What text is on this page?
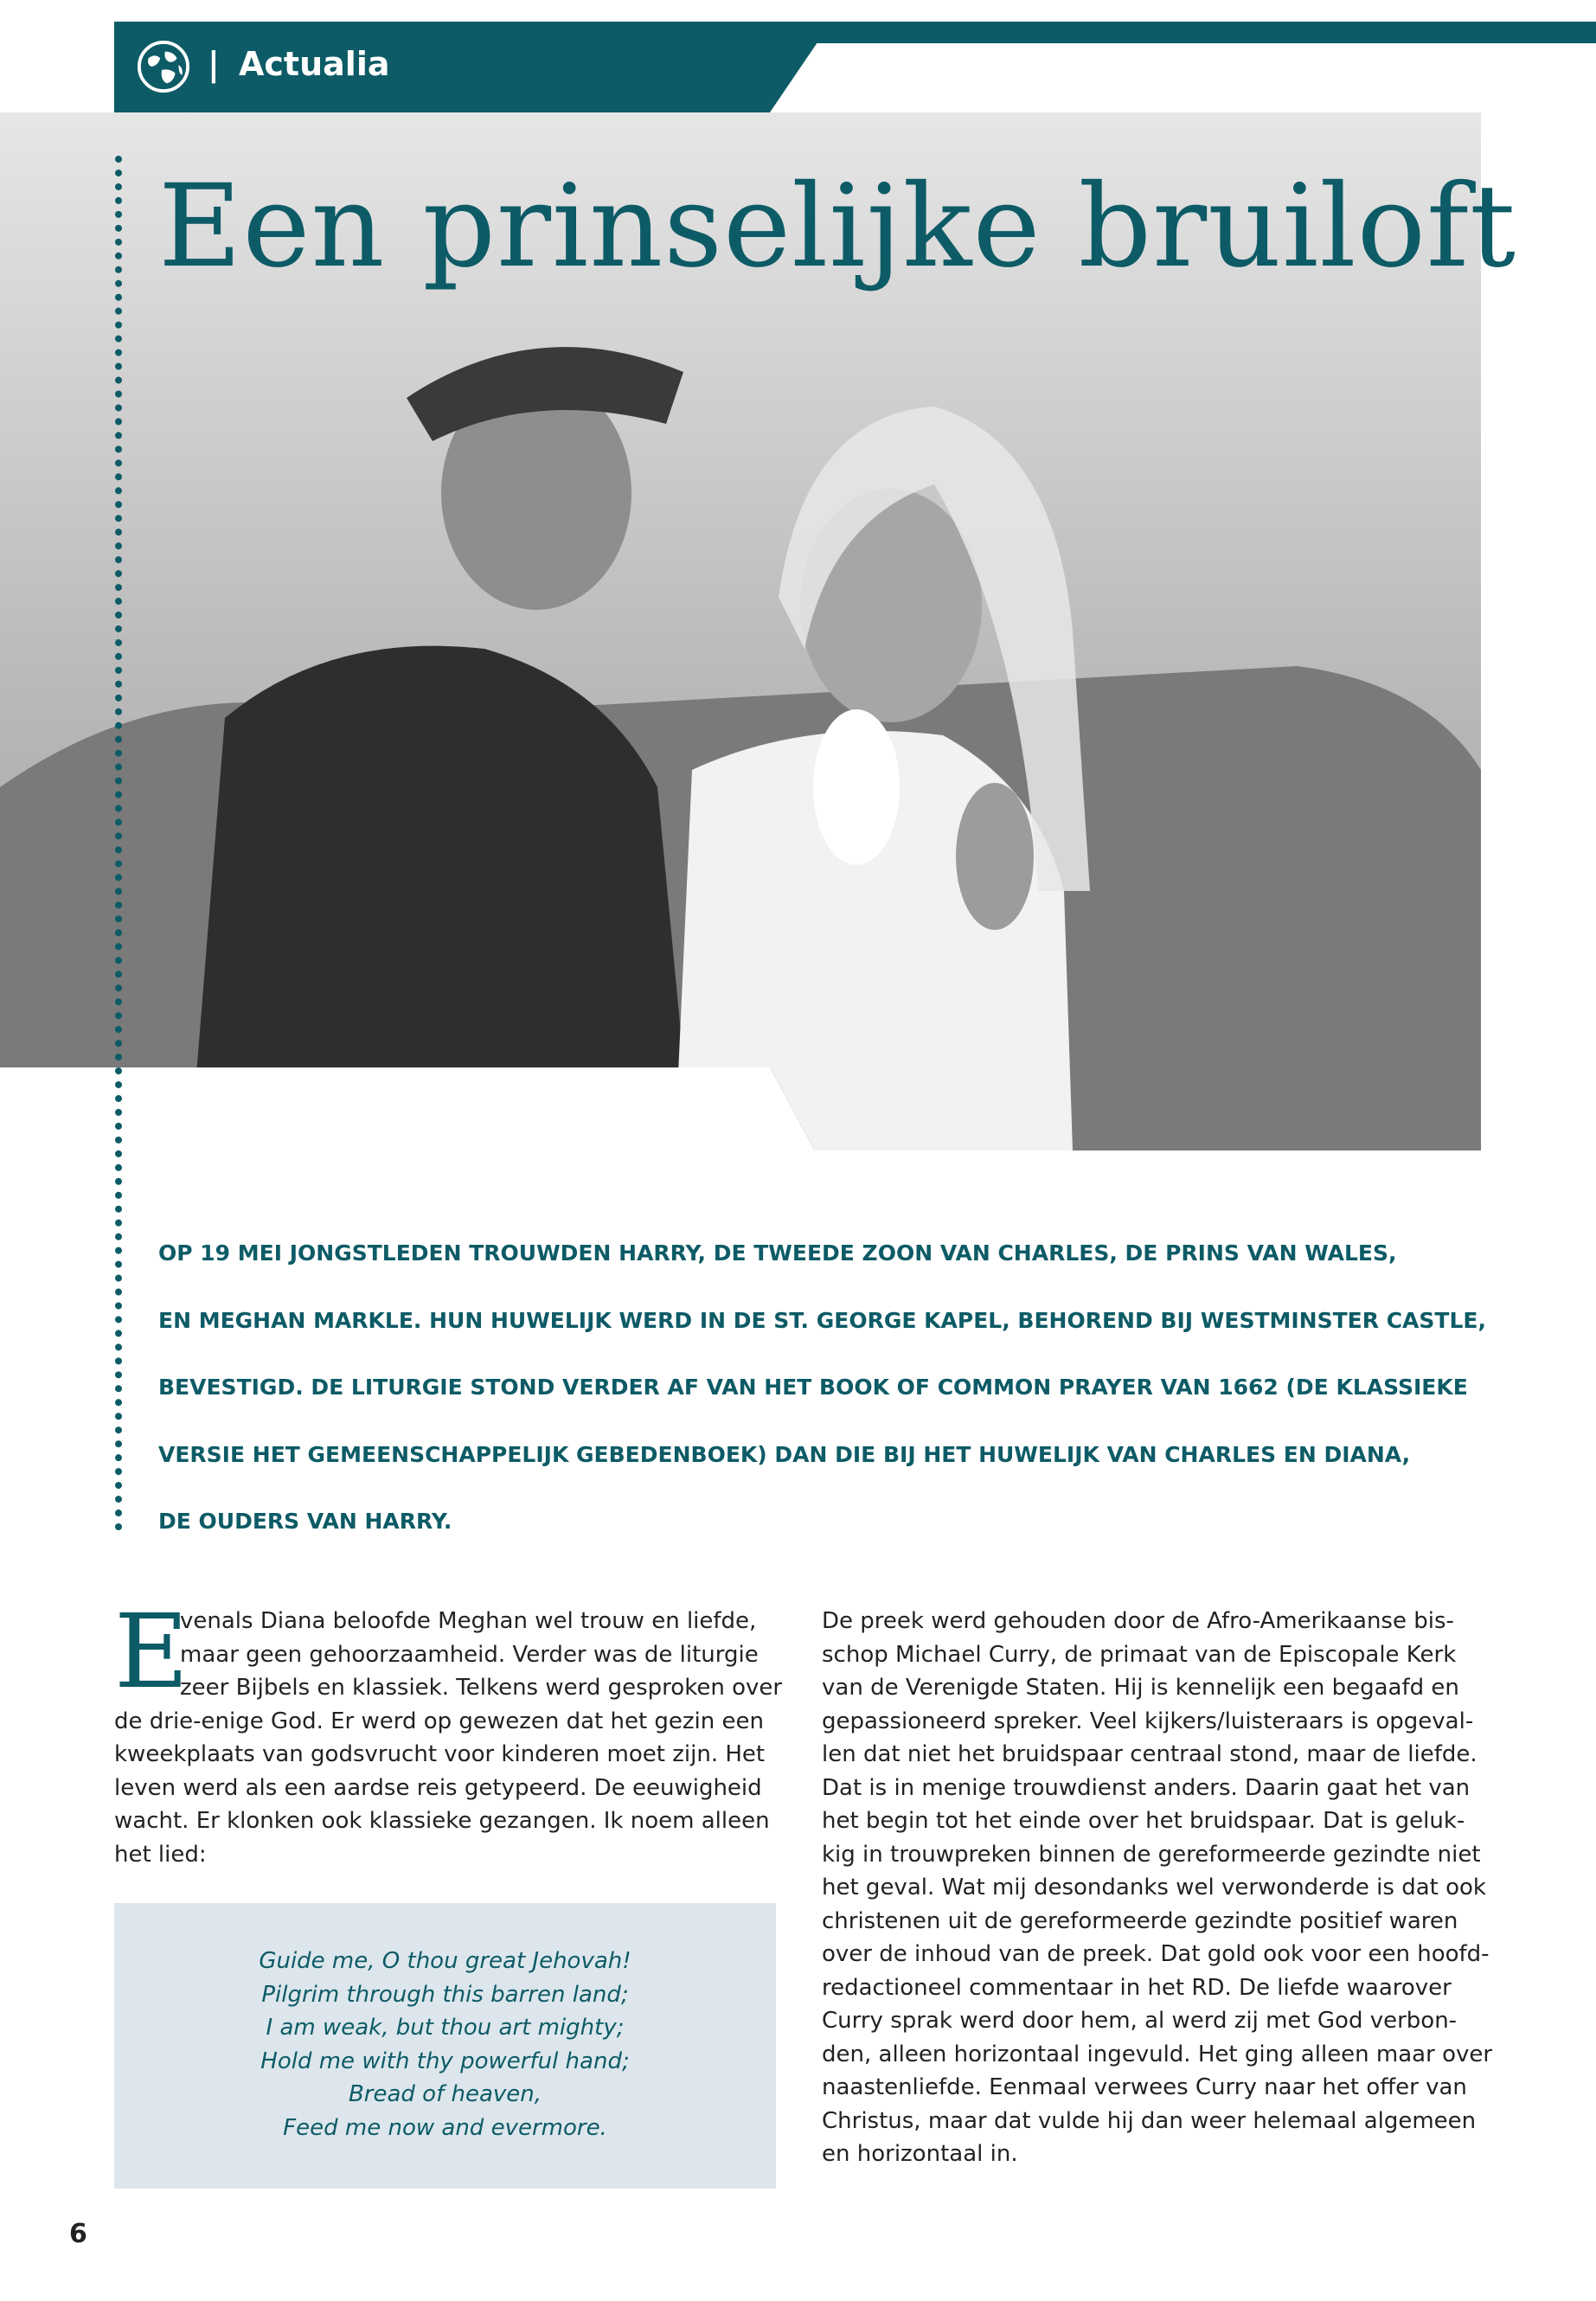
| Actualia
Een prinselijke bruiloft
OP 19 MEI JONGSTLEDEN TROUWDEN HARRY, DE TWEEDE ZOON VAN CHARLES, DE PRINS VAN WALES,
EN MEGHAN MARKLE. HUN HUWELIJK WERD IN DE ST. GEORGE KAPEL, BEHOREND BIJ WESTMINSTER CASTLE,
BEVESTIGD. DE LITURGIE STOND VERDER AF VAN HET BOOK OF COMMON PRAYER VAN 1662 (DE KLASSIEKE
VERSIE HET GEMEENSCHAPPELIJK GEBEDENBOEK) DAN DIE BIJ HET HUWELIJK VAN CHARLES EN DIANA,
DE OUDERS VAN HARRY.
E
venals Diana beloofde Meghan wel trouw en liefde,
maar geen gehoorzaamheid. Verder was de liturgie
zeer Bijbels en klassiek. Telkens werd gesproken over
de drie-enige God. Er werd op gewezen dat het gezin een
kweekplaats van godsvrucht voor kinderen moet zijn. Het
leven werd als een aardse reis getypeerd. De eeuwigheid
wacht. Er klonken ook klassieke gezangen. Ik noem alleen
het lied:
Guide me, O thou great Jehovah!
Pilgrim through this barren land;
I am weak, but thou art mighty;
Hold me with thy powerful hand;
Bread of heaven,
Feed me now and evermore.
De preek werd gehouden door de Afro-Amerikaanse bis-
schop Michael Curry, de primaat van de Episcopale Kerk
van de Verenigde Staten. Hij is kennelijk een begaafd en
gepassioneerd spreker. Veel kijkers/luisteraars is opgeval-
len dat niet het bruidspaar centraal stond, maar de liefde.
Dat is in menige trouwdienst anders. Daarin gaat het van
het begin tot het einde over het bruidspaar. Dat is geluk-
kig in trouwpreken binnen de gereformeerde gezindte niet
het geval. Wat mij desondanks wel verwonderde is dat ook
christenen uit de gereformeerde gezindte positief waren
over de inhoud van de preek. Dat gold ook voor een hoofd-
redactioneel commentaar in het RD. De liefde waarover
Curry sprak werd door hem, al werd zij met God verbon-
den, alleen horizontaal ingevuld. Het ging alleen maar over
naastenliefde. Eenmaal verwees Curry naar het offer van
Christus, maar dat vulde hij dan weer helemaal algemeen
en horizontaal in.
6
